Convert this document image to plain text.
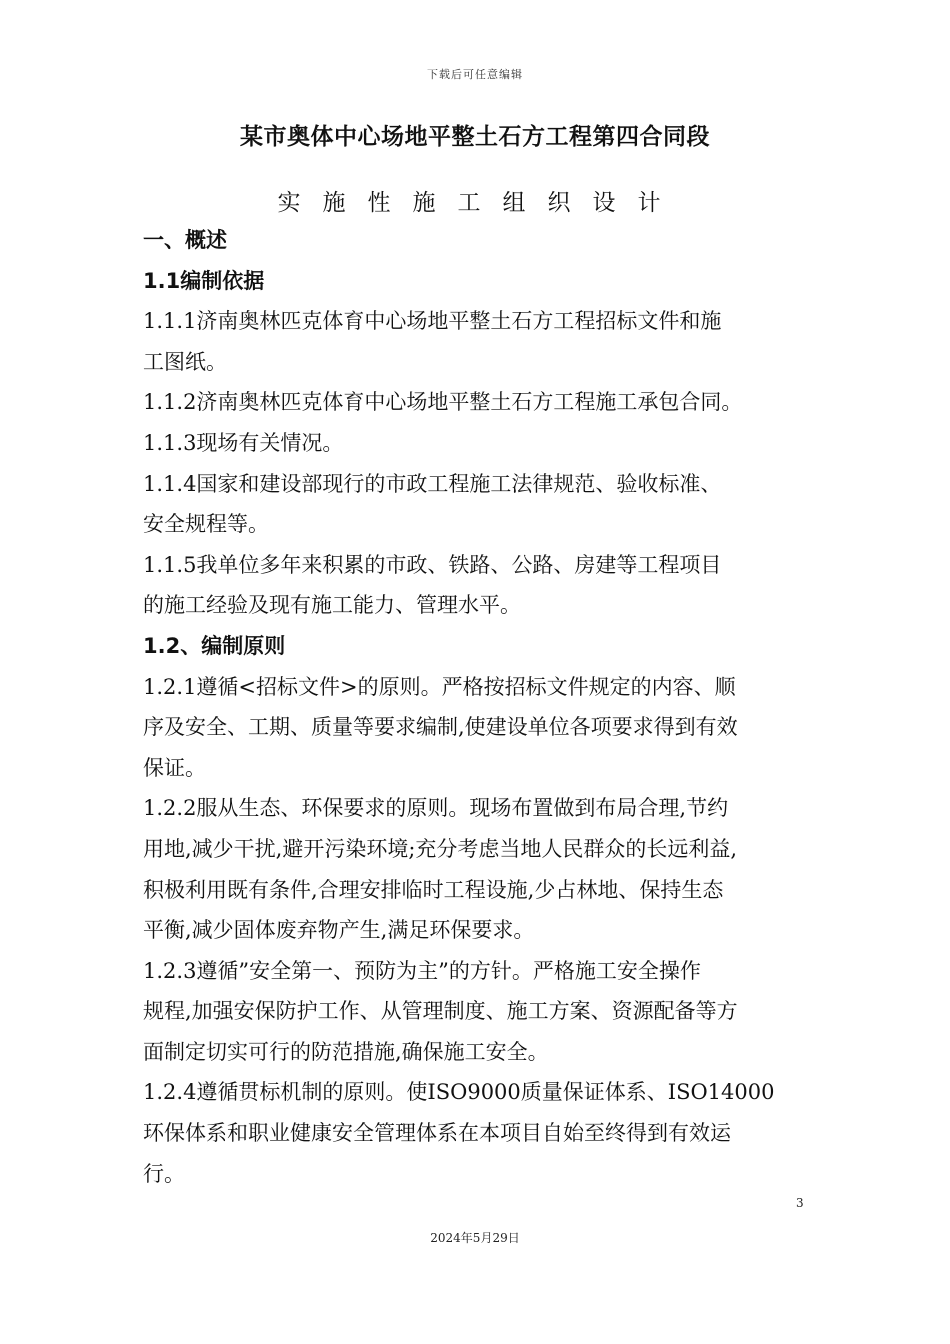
下载后可任意编辑
某市奥体中心场地平整土石方工程第四合同段
实施性施工组织设计
一、概述
1.1编制依据
1.1.1济南奥林匹克体育中心场地平整土石方工程招标文件和施
工图纸。
1.1.2济南奥林匹克体育中心场地平整土石方工程施工承包合同。
1.1.3现场有关情况。
1.1.4国家和建设部现行的市政工程施工法律规范、验收标准、
安全规程等。
1.1.5我单位多年来积累的市政、铁路、公路、房建等工程项目
的施工经验及现有施工能力、管理水平。
1.2、编制原则
1.2.1遵循<招标文件>的原则。严格按招标文件规定的内容、顺
序及安全、工期、质量等要求编制,使建设单位各项要求得到有效
保证。
1.2.2服从生态、环保要求的原则。现场布置做到布局合理,节约
用地,减少干扰,避开污染环境;充分考虑当地人民群众的长远利益,
积极利用既有条件,合理安排临时工程设施,少占林地、保持生态
平衡,减少固体废弃物产生,满足环保要求。
1.2.3遵循”安全第一、预防为主”的方针。严格施工安全操作
规程,加强安保防护工作、从管理制度、施工方案、资源配备等方
面制定切实可行的防范措施,确保施工安全。
1.2.4遵循贯标机制的原则。使ISO9000质量保证体系、ISO14000
环保体系和职业健康安全管理体系在本项目自始至终得到有效运
行。
3
2024年5月29日
